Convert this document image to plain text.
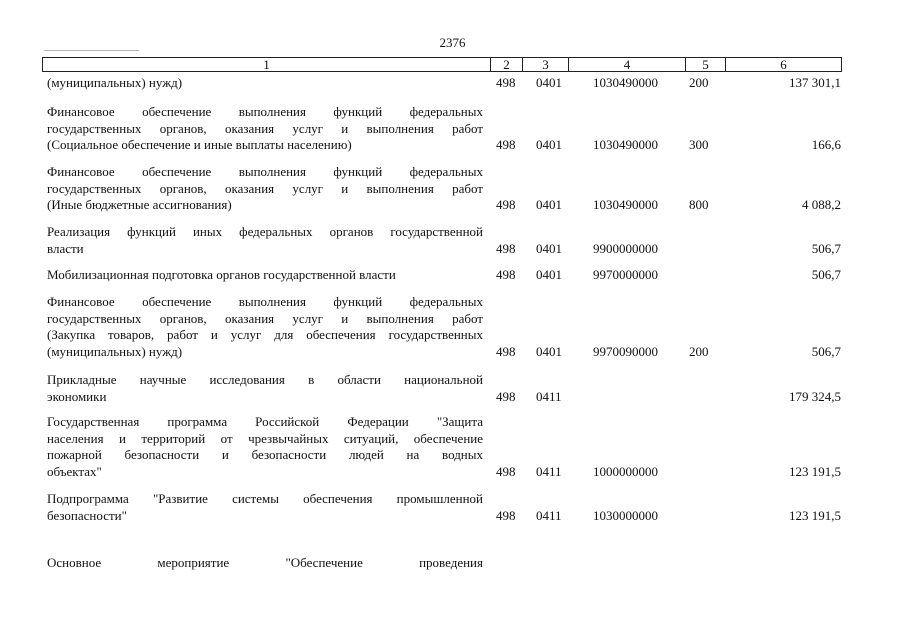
2376
1	2	3	4	5	6
(муниципальных) нужд)	498 0401 1030490000 200	137 301,1
Финансовое обеспечение выполнения функций федеральных
государственных органов, оказания услуг и выполнения работ
(Социальное обеспечение и иные выплаты населению)	498 0401 1030490000 300	166,6
Финансовое обеспечение выполнения функций федеральных
государственных органов, оказания услуг и выполнения работ
(Иные бюджетные ассигнования)	498 0401 1030490000 800	4 088,2
Реализация функций иных федеральных органов государственной
власти	498 0401 9900000000	506,7
Мобилизационная подготовка органов государственной власти	498 0401 9970000000	506,7
Финансовое обеспечение выполнения функций федеральных
государственных органов, оказания услуг и выполнения работ
(Закупка товаров, работ и услуг для обеспечения государственных
(муниципальных) нужд)	498 0401 9970090000 200	506,7
Прикладные научные исследования в области национальной
экономики	498 0411	179 324,5
Государственная программа Российской Федерации "Защита
населения и территорий от чрезвычайных ситуаций, обеспечение
пожарной безопасности и безопасности людей на водных
объектах"	498 0411 1000000000	123 191,5
Подпрограмма "Развитие системы обеспечения промышленной
безопасности"	498 0411 1030000000	123 191,5
Основное мероприятие "Обеспечение проведения
